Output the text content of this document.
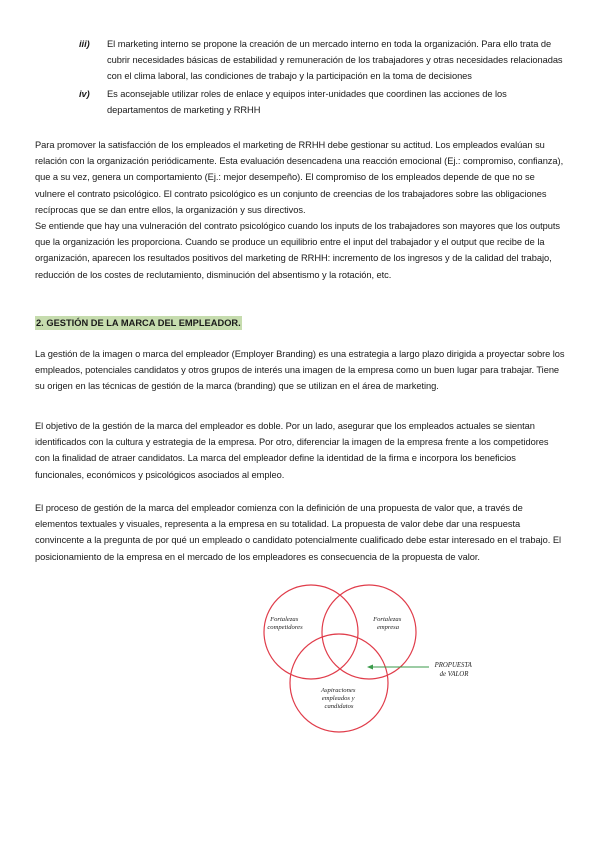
iii)	El marketing interno se propone la creación de un mercado interno en toda la organización. Para ello trata de cubrir necesidades básicas de estabilidad y remuneración de los trabajadores y otras necesidades relacionadas con el clima laboral, las condiciones de trabajo y la participación en la toma de decisiones
iv)	Es aconsejable utilizar roles de enlace y equipos inter-unidades que coordinen las acciones de los departamentos de marketing y RRHH
Para promover la satisfacción de los empleados el marketing de RRHH debe gestionar su actitud. Los empleados evalúan su relación con la organización periódicamente. Esta evaluación desencadena una reacción emocional (Ej.: compromiso, confianza), que a su vez, genera un comportamiento (Ej.: mejor desempeño). El compromiso de los empleados depende de que no se vulnere el contrato psicológico. El contrato psicológico es un conjunto de creencias de los trabajadores sobre las obligaciones recíprocas que se dan entre ellos, la organización y sus directivos.
Se entiende que hay una vulneración del contrato psicológico cuando los inputs de los trabajadores son mayores que los outputs que la organización les proporciona. Cuando se produce un equilibrio entre el input del trabajador y el output que recibe de la organización, aparecen los resultados positivos del marketing de RRHH: incremento de los ingresos y de la calidad del trabajo, reducción de los costes de reclutamiento, disminución del absentismo y la rotación, etc.
2. GESTIÓN DE LA MARCA DEL EMPLEADOR.

La gestión de la imagen o marca del empleador (Employer Branding) es una estrategia a largo plazo dirigida a proyectar sobre los empleados, potenciales candidatos y otros grupos de interés una imagen de la empresa como un buen lugar para trabajar. Tiene su origen en las técnicas de gestión de la marca (branding) que se utilizan en el área de marketing.

El objetivo de la gestión de la marca del empleador es doble. Por un lado, asegurar que los empleados actuales se sientan identificados con la cultura y estrategia de la empresa. Por otro, diferenciar la imagen de la empresa frente a los competidores con la finalidad de atraer candidatos. La marca del empleador define la identidad de la firma e incorpora los beneficios funcionales, económicos y psicológicos asociados al empleo.

El proceso de gestión de la marca del empleador comienza con la definición de una propuesta de valor que, a través de elementos textuales y visuales, representa a la empresa en su totalidad. La propuesta de valor debe dar una respuesta convincente a la pregunta de por qué un empleado o candidato potencialmente cualificado debe estar interesado en el trabajo. El posicionamiento de la empresa en el mercado de los empleadores es consecuencia de la propuesta de valor.

Fortalezas competidores
Fortalezas empresa
Aspiraciones empleados y candidatos
PROPUESTA de VALOR
